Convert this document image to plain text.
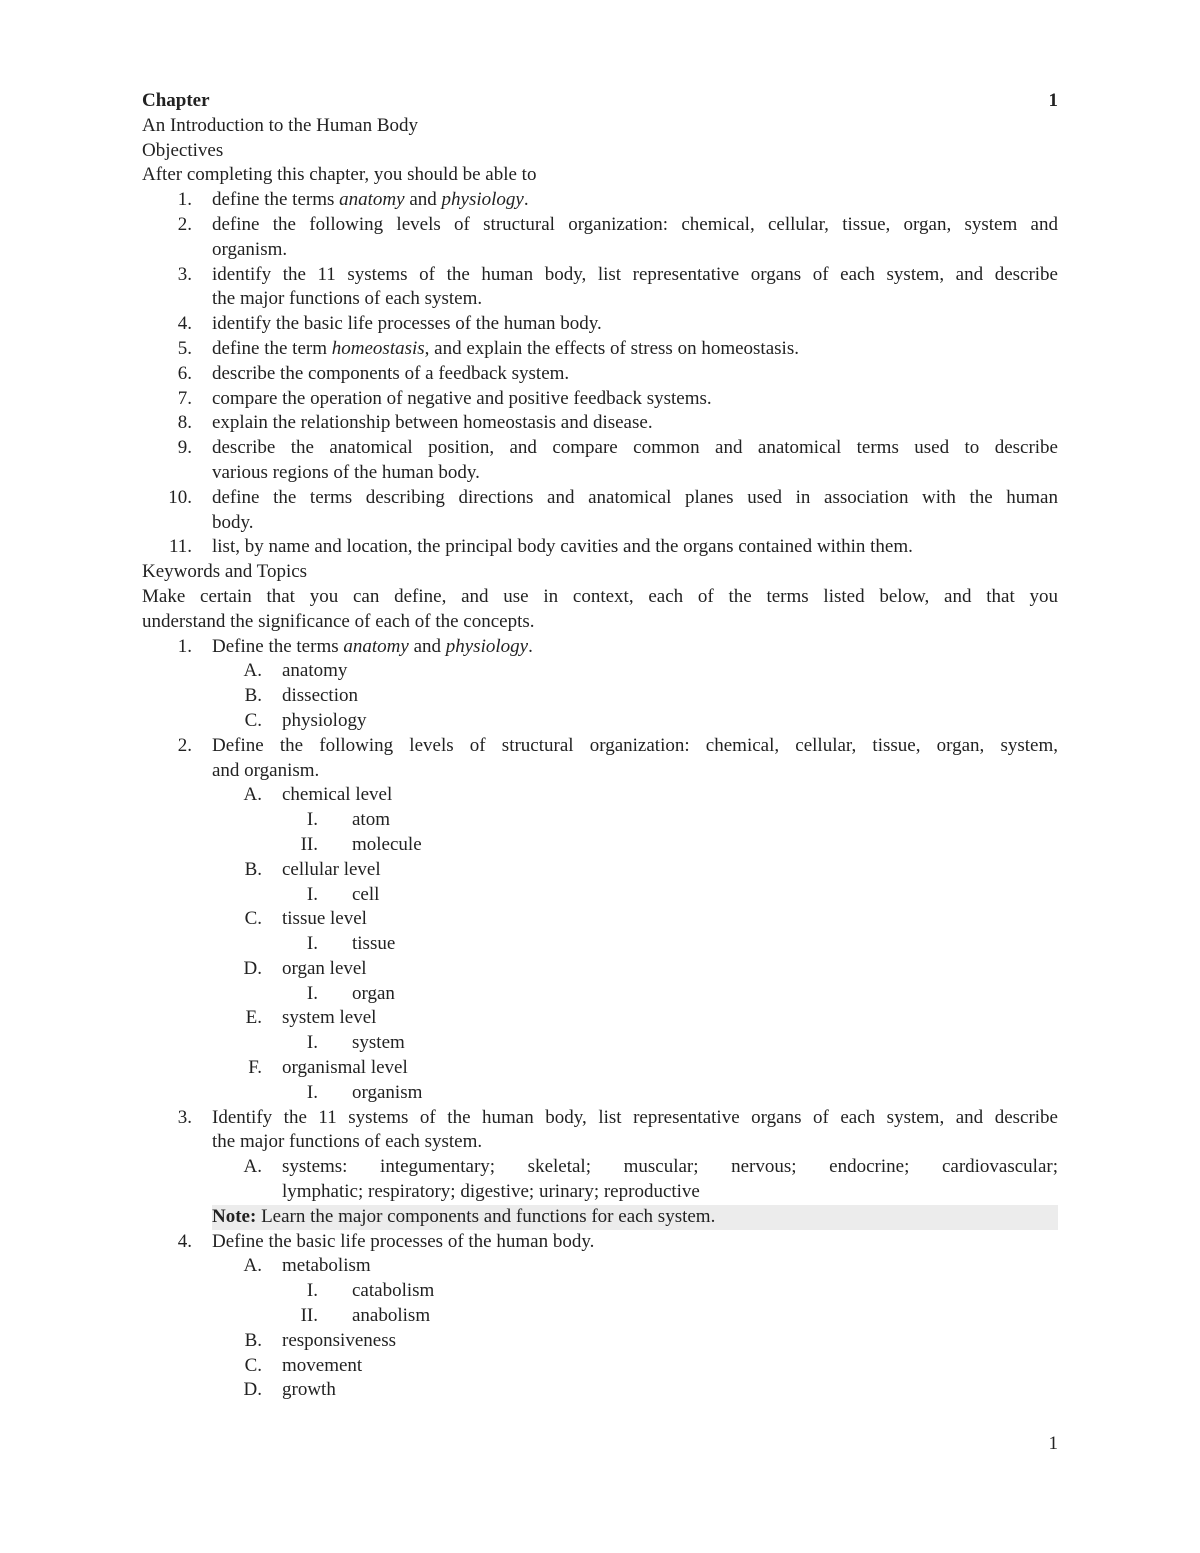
Chapter	1
An Introduction to the Human Body
Objectives
After completing this chapter, you should be able to
1. define the terms anatomy and physiology.
2. define the following levels of structural organization: chemical, cellular, tissue, organ, system and
organism.
3. identify the 11 systems of the human body, list representative organs of each system, and describe
the major functions of each system.
4. identify the basic life processes of the human body.
5. define the term homeostasis, and explain the effects of stress on homeostasis.
6. describe the components of a feedback system.
7. compare the operation of negative and positive feedback systems.
8. explain the relationship between homeostasis and disease.
9. describe the anatomical position, and compare common and anatomical terms used to describe
various regions of the human body.
10. define the terms describing directions and anatomical planes used in association with the human
body.
11. list, by name and location, the principal body cavities and the organs contained within them.
Keywords and Topics
Make certain that you can define, and use in context, each of the terms listed below, and that you
understand the significance of each of the concepts.
1. Define the terms anatomy and physiology.
A. anatomy
B. dissection
C. physiology
2. Define the following levels of structural organization: chemical, cellular, tissue, organ, system,
and organism.
A. chemical level
I. atom
II. molecule
B. cellular level
I. cell
C. tissue level
I. tissue
D. organ level
I. organ
E. system level
I. system
F. organismal level
I. organism
3. Identify the 11 systems of the human body, list representative organs of each system, and describe
the major functions of each system.
A. systems: integumentary; skeletal; muscular; nervous; endocrine; cardiovascular;
lymphatic; respiratory; digestive; urinary; reproductive
Note: Learn the major components and functions for each system.
4. Define the basic life processes of the human body.
A. metabolism
I. catabolism
II. anabolism
B. responsiveness
C. movement
D. growth
1
